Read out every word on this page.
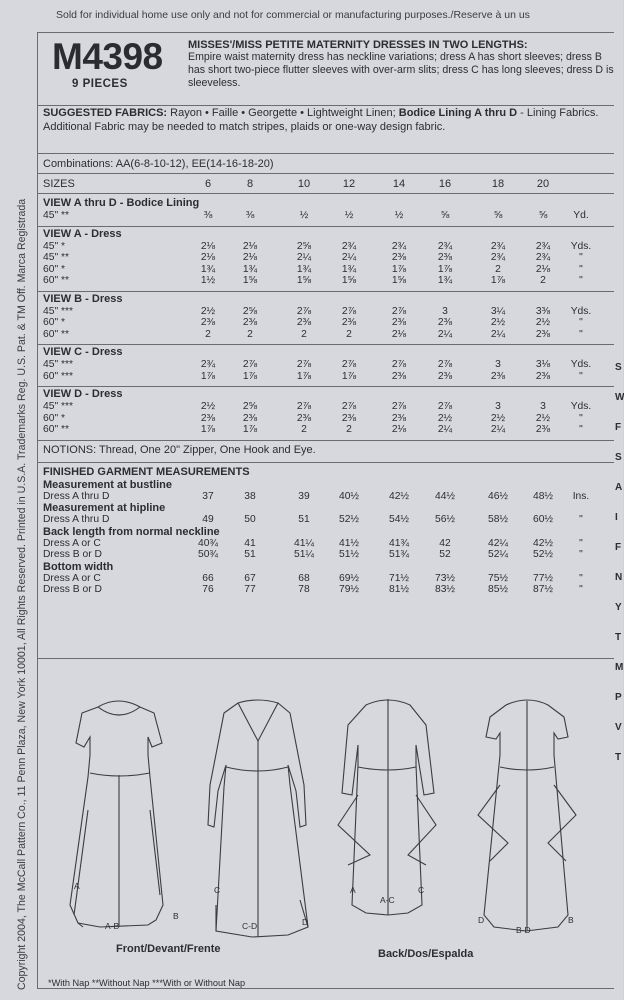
Sold for individual home use only and not for commercial or manufacturing purposes./Reserve à un us
Copyright 2004, The McCall Pattern Co., 11 Penn Plaza, New York 10001, All Rights Reserved. Printed in U.S.A. Trademarks Reg. U.S. Pat. & TM Off. Marca Registrada
M4398
9 PIECES
MISSES'/MISS PETITE MATERNITY DRESSES IN TWO LENGTHS:
Empire waist maternity dress has neckline variations; dress A has short sleeves; dress B has short two-piece flutter sleeves with over-arm slits; dress C has long sleeves; dress D is sleeveless.
SUGGESTED FABRICS: Rayon • Faille • Georgette • Lightweight Linen; Bodice Lining A thru D - Lining Fabrics. Additional Fabric may be needed to match stripes, plaids or one-way design fabric.
Combinations: AA(6-8-10-12), EE(14-16-18-20)
A
A-B
B
C
C-D	D
A
A-C
C
D
B-D
B
Front/Devant/Frente	Back/Dos/Espalda
*With Nap **Without Nap ***With or Without Nap
SIZES	6	8	10	12	14	16	18	20
VIEW A thru D - Bodice Lining
45" **	⅜	⅜	½	½	½	⅝	⅝	⅝	Yd.
VIEW A - Dress
45" *	2⅛	2⅛	2⅝	2¾	2¾	2¾	2¾	2¾	Yds.
45" **	2⅛	2⅛	2¼	2¼	2⅜	2⅜	2¾	2¾	"
60" *	1¾	1¾	1¾	1¾	1⅞	1⅞	2	2⅛	"
60" **	1½	1⅝	1⅝	1⅝	1⅝	1¾	1⅞	2	"
VIEW B - Dress
45" ***	2½	2⅝	2⅞	2⅞	2⅞	3	3¼	3⅜	Yds.
60" *	2⅜	2⅜	2⅜	2⅜	2⅜	2⅜	2½	2½	"
60" **	2	2	2	2	2⅛	2¼	2¼	2⅜	"
VIEW C - Dress
45" ***	2¾	2⅞	2⅞	2⅞	2⅞	2⅞	3	3⅛	Yds.
60" ***	1⅞	1⅞	1⅞	1⅞	2⅜	2⅜	2⅜	2⅜	"
VIEW D - Dress
45" ***	2½	2⅝	2⅞	2⅞	2⅞	2⅞	3	3	Yds.
60" *	2⅜	2⅜	2⅜	2⅜	2⅜	2½	2½	2½	"
60" **	1⅞	1⅞	2	2	2⅛	2¼	2¼	2⅜	"
NOTIONS: Thread, One 20" Zipper, One Hook and Eye.
FINISHED GARMENT MEASUREMENTS
Measurement at bustline
Dress A thru D	37	38	39	40½	42½	44½	46½	48½	Ins.
Measurement at hipline
Dress A thru D	49	50	51	52½	54½	56½	58½	60½	"
Back length from normal neckline
Dress A or C	40¾	41	41¼	41½	41¾	42	42¼	42½	"
Dress B or D	50¾	51	51¼	51½	51¾	52	52¼	52½	"
Bottom width
Dress A or C	66	67	68	69½	71½	73½	75½	77½	"
Dress B or D	76	77	78	79½	81½	83½	85½	87½	"
S
W
F
S
A
I
F
N
Y
T
M
P
V
T
